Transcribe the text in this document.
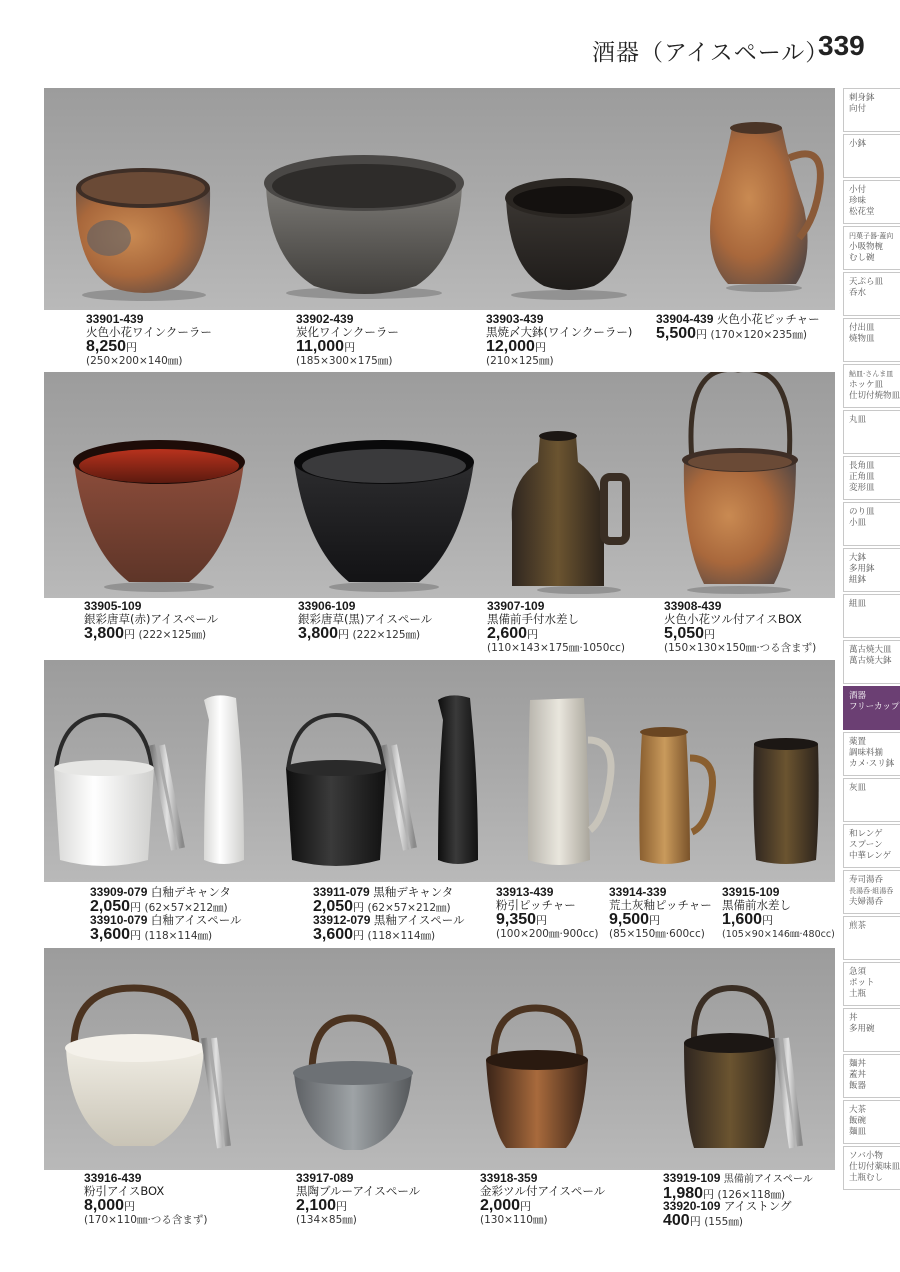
酒器（アイスペール）
339
33901-439
火色小花ワインクーラー
8,250円
(250×200×140㎜)
33902-439
炭化ワインクーラー
11,000円
(185×300×175㎜)
33903-439
黒焼〆大鉢(ワインクーラー)
12,000円
(210×125㎜)
33904-439 火色小花ピッチャー
5,500円 (170×120×235㎜)
33905-109
銀彩唐草(赤)アイスペール
3,800円 (222×125㎜)
33906-109
銀彩唐草(黒)アイスペール
3,800円 (222×125㎜)
33907-109
黒備前手付水差し
2,600円
(110×143×175㎜·1050cc)
33908-439
火色小花ツル付アイスBOX
5,050円
(150×130×150㎜·つる含まず)
33909-079 白釉デキャンタ
2,050円 (62×57×212㎜)
33910-079 白釉アイスペール
3,600円 (118×114㎜)
33911-079 黒釉デキャンタ
2,050円 (62×57×212㎜)
33912-079 黒釉アイスペール
3,600円 (118×114㎜)
33913-439
粉引ピッチャー
9,350円
(100×200㎜·900cc)
33914-339
荒土灰釉ピッチャー
9,500円
(85×150㎜·600cc)
33915-109
黒備前水差し
1,600円
(105×90×146㎜·480cc)
33916-439
粉引アイスBOX
8,000円
(170×110㎜·つる含まず)
33917-089
黒陶ブルーアイスペール
2,100円
(134×85㎜)
33918-359
金彩ツル付アイスペール
2,000円
(130×110㎜)
33919-109 黒備前アイスペール
1,980円 (126×118㎜)
33920-109 アイストング
400円 (155㎜)
刺身鉢
向付
小鉢
小付
珍味
松花堂
円菓子器·蓋向
小吸物椀
むし碗
天ぷら皿
呑水
付出皿
焼物皿
鮎皿·さんま皿
ホッケ皿
仕切付焼物皿
丸皿
長角皿
正角皿
変形皿
のり皿
小皿
大鉢
多用鉢
組鉢
組皿
萬古焼大皿
萬古焼大鉢
酒器
フリーカップ
薬置
調味料揃
カメ·スリ鉢
灰皿
和レンゲ
スプーン
中華レンゲ
寿司湯呑
長湯呑·組湯呑
夫婦湯呑
煎茶
急須
ポット
土瓶
丼
多用碗
麺丼
蓋丼
飯器
大茶
飯碗
麺皿
ソバ小物
仕切付薬味皿
土瓶むし
